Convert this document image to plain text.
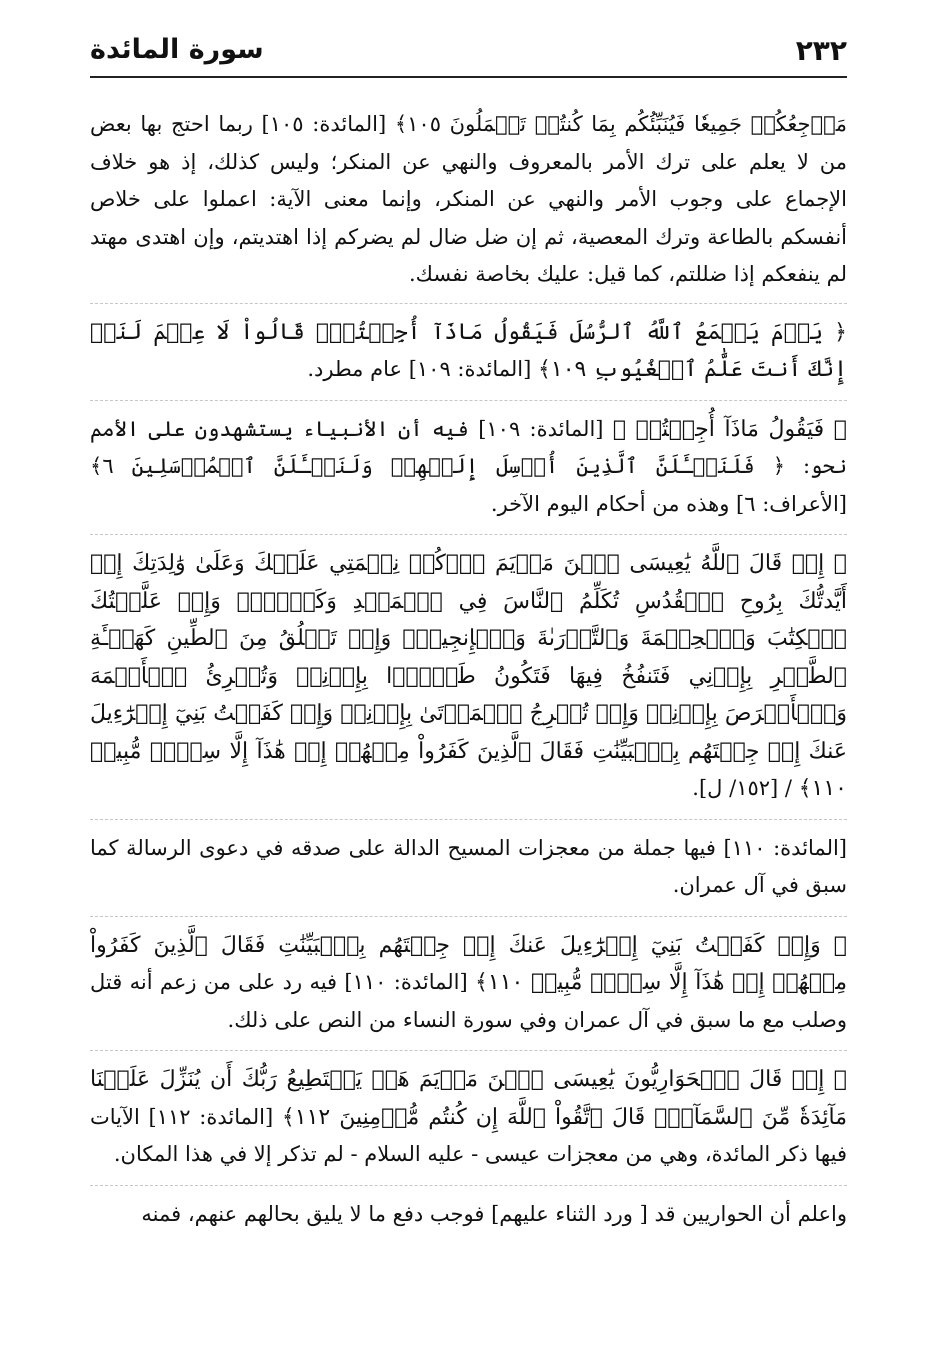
٢٣٢
سورة المائدة

مَرۡجِعُكُمۡ جَمِيعٗا فَيُنَبِّئُكُم بِمَا كُنتُمۡ تَعۡمَلُونَ ١٠٥﴾ [المائدة: ١٠٥] ربما احتج بها بعض من لا يعلم على ترك الأمر بالمعروف والنهي عن المنكر؛ وليس كذلك، إذ هو خلاف الإجماع على وجوب الأمر والنهي عن المنكر، وإنما معنى الآية: اعملوا على خلاص أنفسكم بالطاعة وترك المعصية، ثم إن ضل ضال لم يضركم إذا اهتديتم، وإن اهتدى مهتد لم ينفعكم إذا ضللتم، كما قيل: عليك بخاصة نفسك.

﴿ يَوۡمَ يَجۡمَعُ ٱللَّهُ ٱلرُّسُلَ فَيَقُولُ مَاذَآ أُجِبۡتُمۡۖ قَالُواْ لَا عِلۡمَ لَنَآۖ إِنَّكَ أَنتَ عَلَّٰمُ ٱلۡغُيُوبِ ١٠٩﴾ [المائدة: ١٠٩] عام مطرد.

﴿ فَيَقُولُ مَاذَآ أُجِبۡتُمۡ ﴾ [المائدة: ١٠٩] فيه أن الأنبياء يستشهدون على الأمم نحو: ﴿ فَلَنَسۡـَٔلَنَّ ٱلَّذِينَ أُرۡسِلَ إِلَيۡهِمۡ وَلَنَسۡـَٔلَنَّ ٱلۡمُرۡسَلِينَ ٦﴾ [الأعراف: ٦] وهذه من أحكام اليوم الآخر.

﴿ إِذۡ قَالَ ٱللَّهُ يَٰعِيسَى ٱبۡنَ مَرۡيَمَ ٱذۡكُرۡ نِعۡمَتِي عَلَيۡكَ وَعَلَىٰ وَٰلِدَتِكَ إِذۡ أَيَّدتُّكَ بِرُوحِ ٱلۡقُدُسِ تُكَلِّمُ ٱلنَّاسَ فِي ٱلۡمَهۡدِ وَكَهۡلٗاۖ وَإِذۡ عَلَّمۡتُكَ ٱلۡكِتَٰبَ وَٱلۡحِكۡمَةَ وَٱلتَّوۡرَىٰةَ وَٱلۡإِنجِيلَۖ وَإِذۡ تَخۡلُقُ مِنَ ٱلطِّينِ كَهَيۡـَٔةِ ٱلطَّيۡرِ بِإِذۡنِي فَتَنفُخُ فِيهَا فَتَكُونُ طَيۡرَۢا بِإِذۡنِيۖ وَتُبۡرِئُ ٱلۡأَكۡمَهَ وَٱلۡأَبۡرَصَ بِإِذۡنِيۖ وَإِذۡ تُخۡرِجُ ٱلۡمَوۡتَىٰ بِإِذۡنِيۖ وَإِذۡ كَفَفۡتُ بَنِيٓ إِسۡرَٰٓءِيلَ عَنكَ إِذۡ جِئۡتَهُم بِٱلۡبَيِّنَٰتِ فَقَالَ ٱلَّذِينَ كَفَرُواْ مِنۡهُمۡ إِنۡ هَٰذَآ إِلَّا سِحۡرٞ مُّبِينٞ ١١٠﴾ / [١٥٢/ ل].

[المائدة: ١١٠] فيها جملة من معجزات المسيح الدالة على صدقه في دعوى الرسالة كما سبق في آل عمران.

﴿ وَإِذۡ كَفَفۡتُ بَنِيٓ إِسۡرَٰٓءِيلَ عَنكَ إِذۡ جِئۡتَهُم بِٱلۡبَيِّنَٰتِ فَقَالَ ٱلَّذِينَ كَفَرُواْ مِنۡهُمۡ إِنۡ هَٰذَآ إِلَّا سِحۡرٞ مُّبِينٞ ١١٠﴾ [المائدة: ١١٠] فيه رد على من زعم أنه قتل وصلب مع ما سبق في آل عمران وفي سورة النساء من النص على ذلك.

﴿ إِذۡ قَالَ ٱلۡحَوَارِيُّونَ يَٰعِيسَى ٱبۡنَ مَرۡيَمَ هَلۡ يَسۡتَطِيعُ رَبُّكَ أَن يُنَزِّلَ عَلَيۡنَا مَآئِدَةٗ مِّنَ ٱلسَّمَآءِۖ قَالَ ٱتَّقُواْ ٱللَّهَ إِن كُنتُم مُّؤۡمِنِينَ ١١٢﴾ [المائدة: ١١٢] الآيات فيها ذكر المائدة، وهي من معجزات عيسى - عليه السلام - لم تذكر إلا في هذا المكان.

واعلم أن الحواريين قد [ ورد الثناء عليهم] فوجب دفع ما لا يليق بحالهم عنهم، فمنه
